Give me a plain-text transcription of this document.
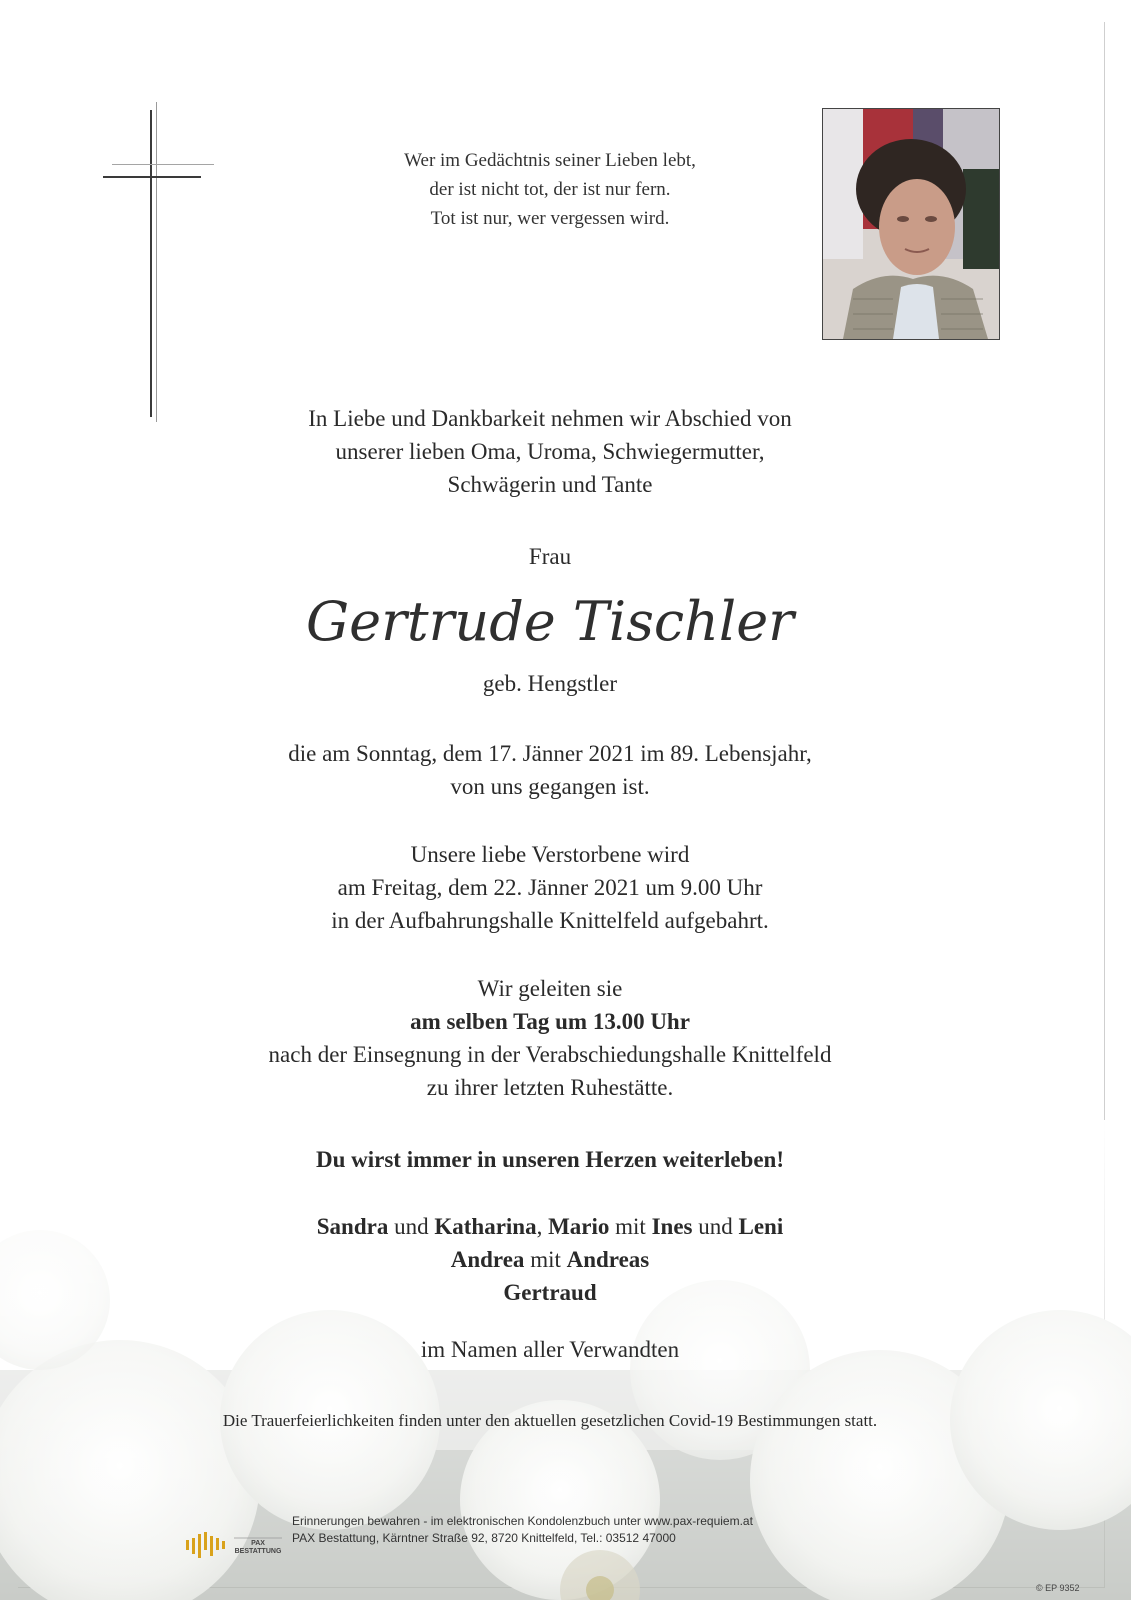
Wer im Gedächtnis seiner Lieben lebt,
der ist nicht tot, der ist nur fern.
Tot ist nur, wer vergessen wird.
In Liebe und Dankbarkeit nehmen wir Abschied von
unserer lieben Oma, Uroma, Schwiegermutter,
Schwägerin und Tante
Frau
Gertrude Tischler
geb. Hengstler
die am Sonntag, dem 17. Jänner 2021 im 89. Lebensjahr,
von uns gegangen ist.
Unsere liebe Verstorbene wird
am Freitag, dem 22. Jänner 2021 um 9.00 Uhr
in der Aufbahrungshalle Knittelfeld aufgebahrt.
Wir geleiten sie
am selben Tag um 13.00 Uhr
nach der Einsegnung in der Verabschiedungshalle Knittelfeld
zu ihrer letzten Ruhestätte.
Du wirst immer in unseren Herzen weiterleben!
Sandra und Katharina, Mario mit Ines und Leni
Andrea mit Andreas
Gertraud
im Namen aller Verwandten
Die Trauerfeierlichkeiten finden unter den aktuellen gesetzlichen Covid-19 Bestimmungen statt.
PAX
BESTATTUNG
Erinnerungen bewahren - im elektronischen Kondolenzbuch unter www.pax-requiem.at
PAX Bestattung, Kärntner Straße 92, 8720 Knittelfeld, Tel.: 03512 47000
© EP 9352
